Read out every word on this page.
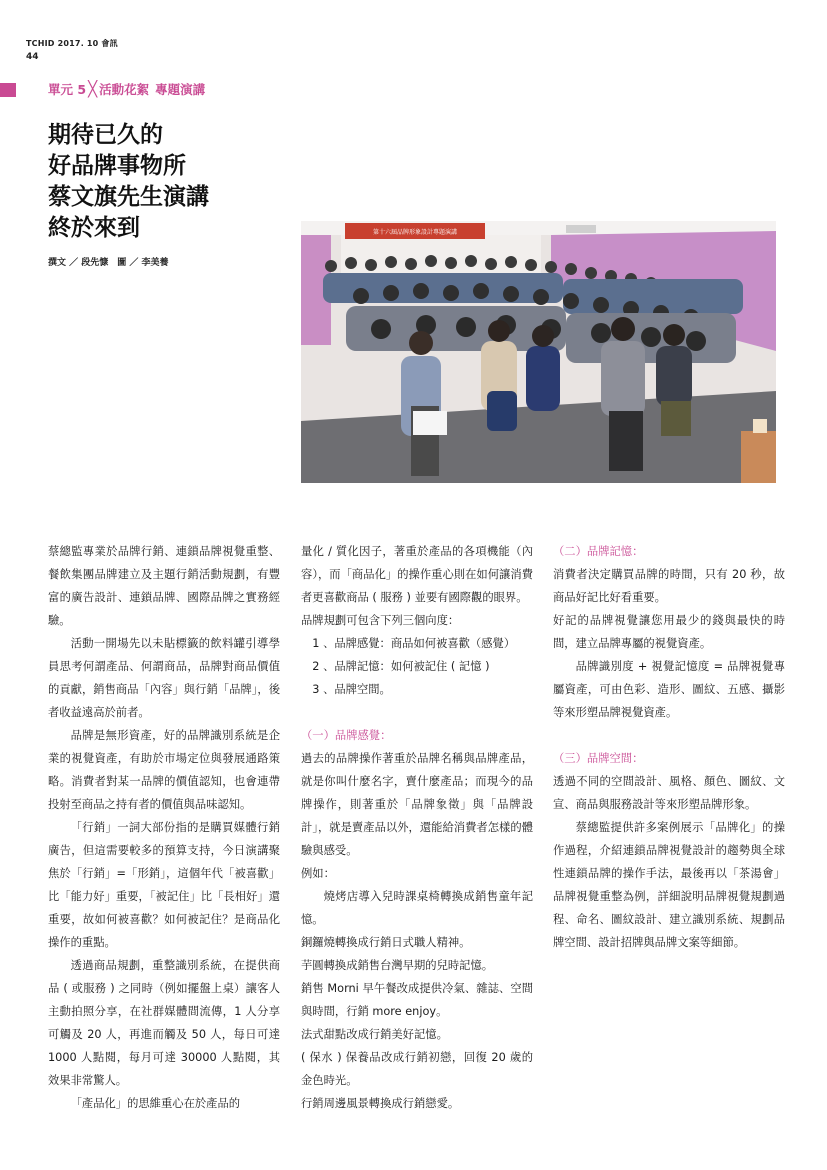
TCHID 2017. 10 會訊
44
單元 5 ╳ 活動花絮 專題演講
期待已久的
好品牌事物所
蔡文旗先生演講
終於來到
撰文 ／ 段先慷　圖 ／ 李美養
第十六屆品牌形象設計專題演講

蔡總監專業於品牌行銷、連鎖品牌視覺重整、餐飲集團品牌建立及主題行銷活動規劃，有豐富的廣告設計、連鎖品牌、國際品牌之實務經驗。

活動一開場先以未貼標籤的飲料罐引導學員思考何謂產品、何謂商品，品牌對商品價值的貢獻，銷售商品「內容」與行銷「品牌」，後者收益遠高於前者。

品牌是無形資產，好的品牌識別系統是企業的視覺資產，有助於市場定位與發展通路策略。消費者對某一品牌的價值認知，也會連帶投射至商品之持有者的價值與品味認知。

「行銷」一詞大部份指的是購買媒體行銷廣告，但這需要較多的預算支持，今日演講聚焦於「行銷」=「形銷」，這個年代「被喜歡」比「能力好」重要，「被記住」比「長相好」還重要，故如何被喜歡？如何被記住？是商品化操作的重點。

透過商品規劃，重整識別系統，在提供商品 ( 或服務 ) 之同時（例如擺盤上桌）讓客人主動拍照分享，在社群媒體間流傳，1 人分享可觸及 20 人，再進而觸及 50 人，每日可達 1000 人點閱，每月可達 30000 人點閱，其效果非常驚人。

「產品化」的思維重心在於產品的

量化 / 質化因子，著重於產品的各項機能（內容），而「商品化」的操作重心則在如何讓消費者更喜歡商品 ( 服務 ) 並要有國際觀的眼界。

品牌規劃可包含下列三個向度：

1 、品牌感覺：商品如何被喜歡（感覺）

2 、品牌記憶：如何被記住 ( 記憶 )

3 、品牌空間。

（一）品牌感覺：

過去的品牌操作著重於品牌名稱與品牌產品，就是你叫什麼名字，賣什麼產品；而現今的品牌操作，則著重於「品牌象徵」與「品牌設計」，就是賣產品以外，還能給消費者怎樣的體驗與感受。

例如：

燒烤店導入兒時課桌椅轉換成銷售童年記憶。

銅鑼燒轉換成行銷日式職人精神。

芋圓轉換成銷售台灣早期的兒時記憶。

銷售 Morni 早午餐改成提供冷氣、雜誌、空間與時間，行銷 more enjoy。

法式甜點改成行銷美好記憶。

( 保水 ) 保養品改成行銷初戀，回復 20 歲的金色時光。

行銷周邊風景轉換成行銷戀愛。

（二）品牌記憶：

消費者決定購買品牌的時間，只有 20 秒，故商品好記比好看重要。

好記的品牌視覺讓您用最少的錢與最快的時間，建立品牌專屬的視覺資產。

品牌識別度 + 視覺記憶度 = 品牌視覺專屬資產，可由色彩、造形、圖紋、五感、攝影等來形塑品牌視覺資產。

（三）品牌空間：

透過不同的空間設計、風格、顏色、圖紋、文宣、商品與服務設計等來形塑品牌形象。

蔡總監提供許多案例展示「品牌化」的操作過程，介紹連鎖品牌視覺設計的趨勢與全球性連鎖品牌的操作手法，最後再以「茶湯會」品牌視覺重整為例，詳細說明品牌視覺規劃過程、命名、圖紋設計、建立識別系統、規劃品牌空間、設計招牌與品牌文案等細節。
